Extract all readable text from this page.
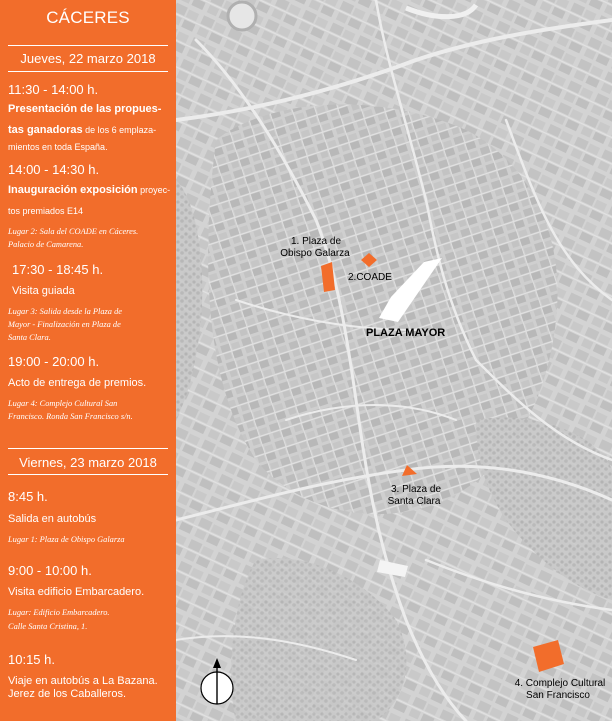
CÁCERES
Jueves, 22 marzo 2018
11:30 - 14:00 h.
Presentación de las propues-
tas ganadoras de los 6 emplaza-
mientos en toda España.
14:00 - 14:30 h.
Inauguración exposición proyec-
tos premiados E14
Lugar 2: Sala del COADE en Cáceres.
Palacio de Camarena.
17:30 - 18:45 h.
Visita guiada
Lugar 3: Salida desde la Plaza de
Mayor - Finalización en Plaza de
Santa Clara.
19:00 - 20:00 h.
Acto de entrega de premios.
Lugar 4: Complejo Cultural San
Francisco. Ronda San Francisco s/n.
Viernes, 23 marzo 2018
8:45 h.
Salida en autobús
Lugar 1: Plaza de Obispo Galarza
9:00 - 10:00 h.
Visita edificio Embarcadero.
Lugar: Edificio Embarcadero.
Calle Santa Cristina, 1.
10:15 h.
Viaje en autobús a La Bazana.
Jerez de los Caballeros.
1. Plaza de
Obispo Galarza
2.COADE
PLAZA MAYOR
3. Plaza de
Santa Clara
4. Complejo Cultural
San Francisco
